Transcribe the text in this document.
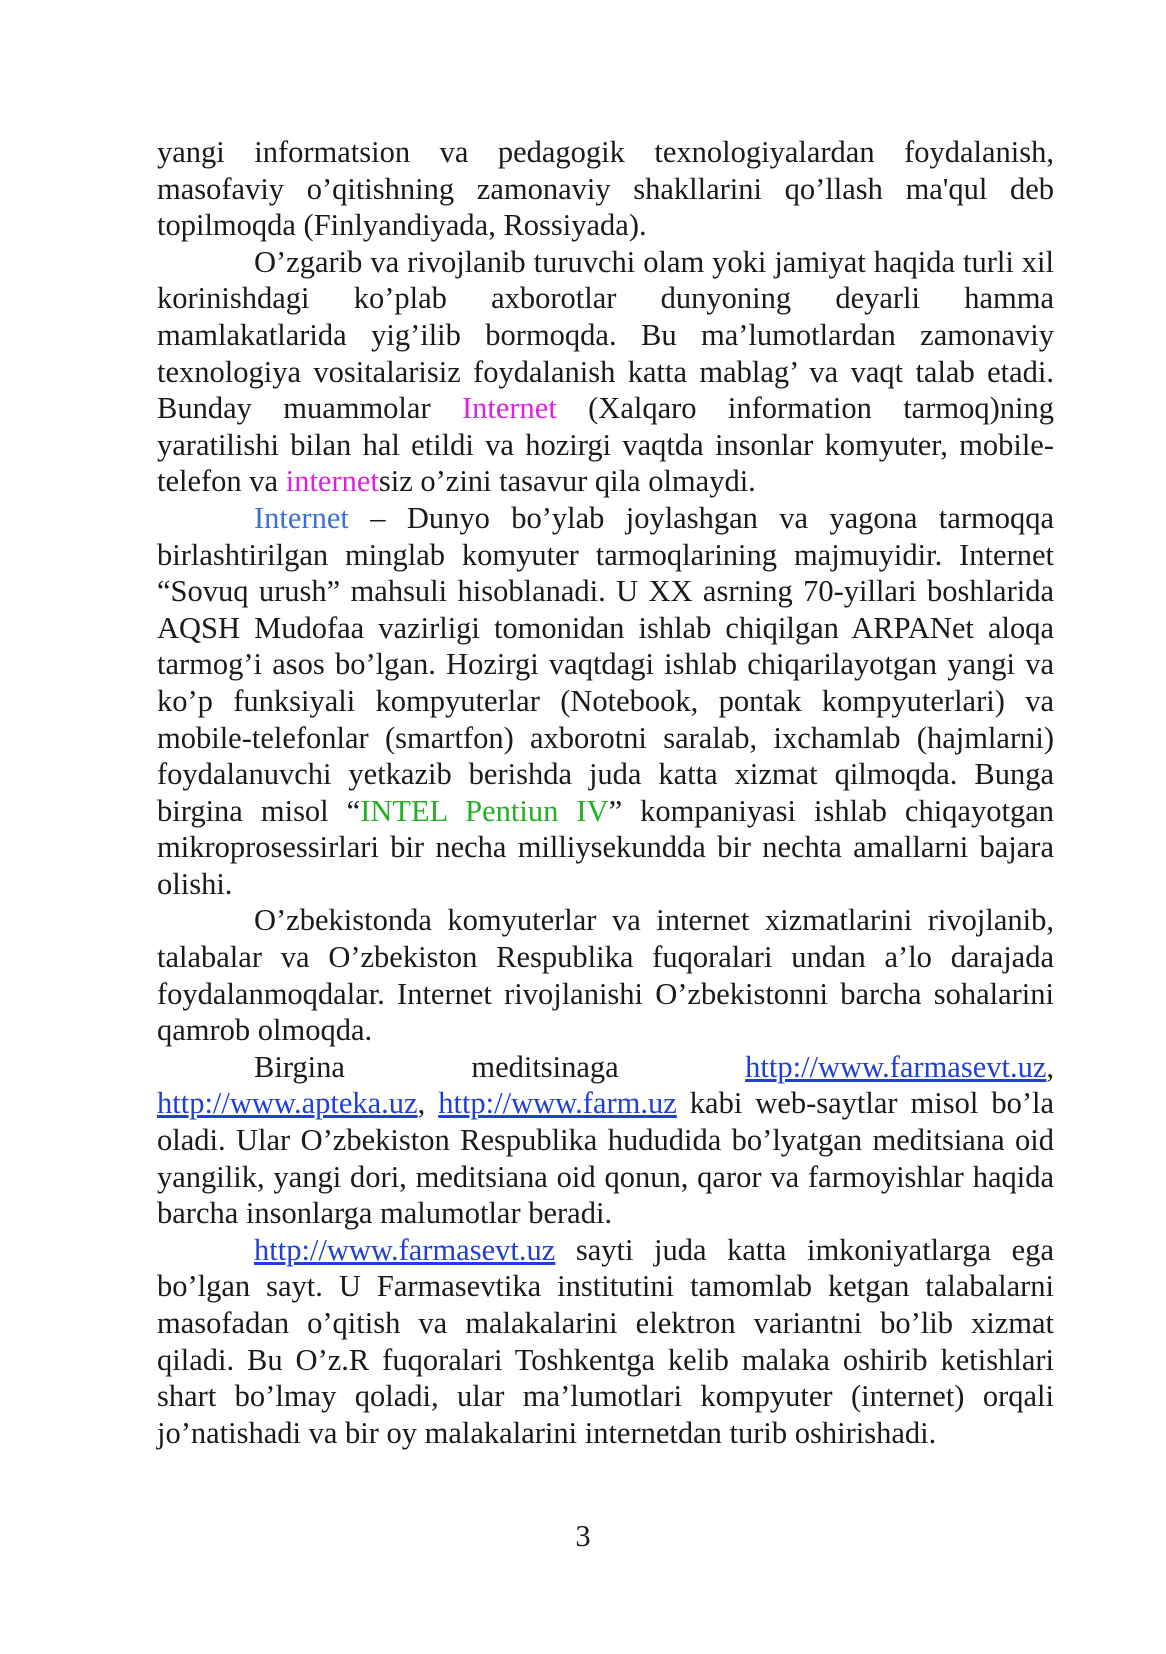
yangi informatsion va pedagogik texnologiyalardan foydalanish, masofaviy o’qitishning zamonaviy shakllarini qo’llash ma'qul deb topilmoqda (Finlyandiyada, Rossiyada).

O’zgarib va rivojlanib turuvchi olam yoki jamiyat haqida turli xil korinishdagi ko’plab axborotlar dunyoning deyarli hamma mamlakatlarida yig’ilib bormoqda. Bu ma’lumotlardan zamonaviy texnologiya vositalarisiz foydalanish katta mablag’ va vaqt talab etadi. Bunday muammolar Internet (Xalqaro information tarmoq)ning yaratilishi bilan hal etildi va hozirgi vaqtda insonlar komyuter, mobile-telefon va internetsiz o’zini tasavur qila olmaydi.

Internet – Dunyo bo’ylab joylashgan va yagona tarmoqqa birlashtirilgan minglab komyuter tarmoqlarining majmuyidir. Internet “Sovuq urush” mahsuli hisoblanadi. U XX asrning 70-yillari boshlarida AQSH Mudofaa vazirligi tomonidan ishlab chiqilgan ARPANet aloqa tarmog’i asos bo’lgan. Hozirgi vaqtdagi ishlab chiqarilayotgan yangi va ko’p funksiyali kompyuterlar (Notebook, pontak kompyuterlari) va mobile-telefonlar (smartfon) axborotni saralab, ixchamlab (hajmlarni) foydalanuvchi yetkazib berishda juda katta xizmat qilmoqda. Bunga birgina misol “INTEL Pentiun IV” kompaniyasi ishlab chiqayotgan mikroprosessirlari bir necha milliysekundda bir nechta amallarni bajara olishi.

O’zbekistonda komyuterlar va internet xizmatlarini rivojlanib, talabalar va O’zbekiston Respublika fuqoralari undan a’lo darajada foydalanmoqdalar. Internet rivojlanishi O’zbekistonni barcha sohalarini qamrob olmoqda.

Birgina meditsinaga http://www.farmasevt.uz, http://www.apteka.uz, http://www.farm.uz kabi web-saytlar misol bo’la oladi. Ular O’zbekiston Respublika hududida bo’lyatgan meditsiana oid yangilik, yangi dori, meditsiana oid qonun, qaror va farmoyishlar haqida barcha insonlarga malumotlar beradi.

http://www.farmasevt.uz sayti juda katta imkoniyatlarga ega bo’lgan sayt. U Farmasevtika institutini tamomlab ketgan talabalarni masofadan o’qitish va malakalarini elektron variantni bo’lib xizmat qiladi. Bu O’z.R fuqoralari Toshkentga kelib malaka oshirib ketishlari shart bo’lmay qoladi, ular ma’lumotlari kompyuter (internet) orqali jo’natishadi va bir oy malakalarini internetdan turib oshirishadi.

3
